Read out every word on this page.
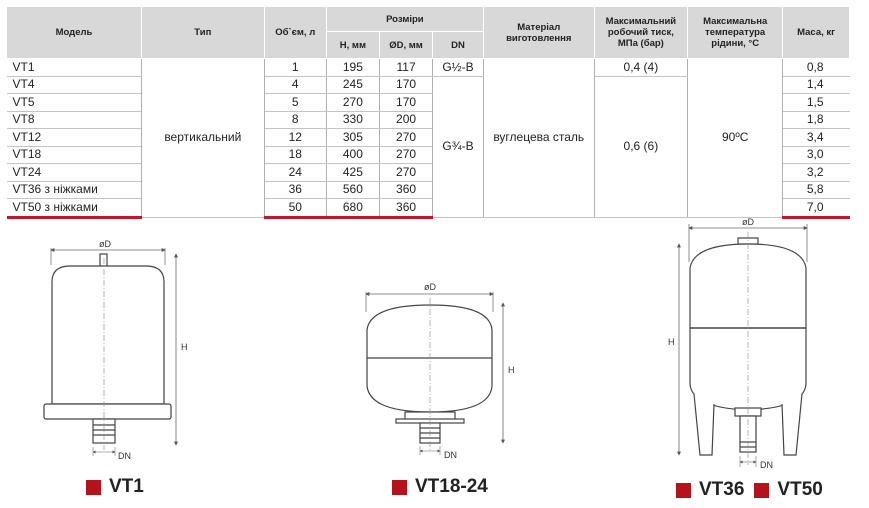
Модель	Тип	Об`єм, л	Розміри			Матеріал виготовлення	Максимальний робочий тиск, МПа (бар)	Максимальна температура рідини, °С	Маса, кг
			Н, мм	ØD, мм	DN				
VT1	вертикальний	1	195	117	G½-B	вуглецева сталь	0,4 (4)	90ºC	0,8
VT4		4	245	170	G¾-B		0,6 (6)		1,4
VT5		5	270	170					1,5
VT8		8	330	200					1,8
VT12		12	305	270					3,4
VT18		18	400	270					3,0
VT24		24	425	270					3,2
VT36 з ніжками		36	560	360					5,8
VT50 з ніжками		50	680	360					7,0
øD
H
DN
øD
H
DN
øD
H
DN
VT1	VT18-24	VT36 VT50
